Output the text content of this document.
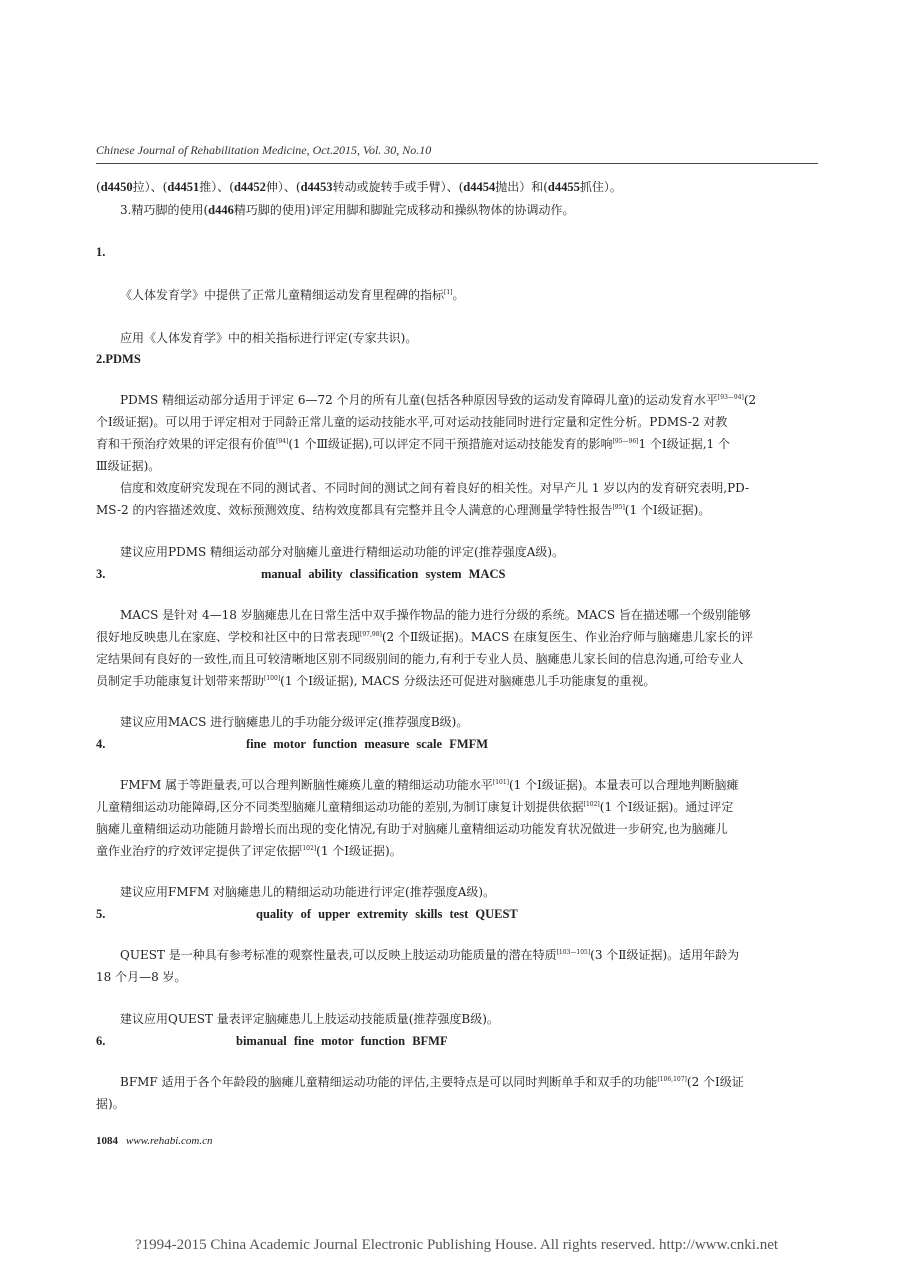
Chinese Journal of Rehabilitation Medicine, Oct.2015, Vol. 30, No.10
(d4450拉）、(d4451推）、(d4452伸）、(d4453转动或旋转手或手臂）、(d4454抛出）和(d4455抓住）。
3.精巧脚的使用(d446精巧脚的使用)评定用脚和脚趾完成移动和操纵物体的协调动作。
1.
《人体发育学》中提供了正常儿童精细运动发育里程碑的指标[1]。
应用《人体发育学》中的相关指标进行评定(专家共识)。
2.PDMS
PDMS 精细运动部分适用于评定 6—72 个月的所有儿童(包括各种原因导致的运动发育障碍儿童)的运动发育水平[93—94](2
个Ⅰ级证据)。可以用于评定相对于同龄正常儿童的运动技能水平,可对运动技能同时进行定量和定性分析。PDMS-2 对教
育和干预治疗效果的评定很有价值[94](1 个Ⅲ级证据),可以评定不同干预措施对运动技能发育的影响[95—96]1 个Ⅰ级证据,1 个
Ⅲ级证据)。
信度和效度研究发现在不同的测试者、不同时间的测试之间有着良好的相关性。对早产儿 1 岁以内的发育研究表明,PD-
MS-2 的内容描述效度、效标预测效度、结构效度都具有完整并且令人满意的心理测量学特性报告[95](1 个Ⅰ级证据)。
建议应用PDMS 精细运动部分对脑瘫儿童进行精细运动功能的评定(推荐强度A级)。
3.	manual ability classification system MACS
MACS 是针对 4—18 岁脑瘫患儿在日常生活中双手操作物品的能力进行分级的系统。MACS 旨在描述哪一个级别能够
很好地反映患儿在家庭、学校和社区中的日常表现[97,98](2 个Ⅱ级证据)。MACS 在康复医生、作业治疗师与脑瘫患儿家长的评
定结果间有良好的一致性,而且可较清晰地区别不同级别间的能力,有利于专业人员、脑瘫患儿家长间的信息沟通,可给专业人
员制定手功能康复计划带来帮助[100](1 个Ⅰ级证据), MACS 分级法还可促进对脑瘫患儿手功能康复的重视。
建议应用MACS 进行脑瘫患儿的手功能分级评定(推荐强度B级)。
4.	fine motor function measure scale FMFM
FMFM 属于等距量表,可以合理判断脑性瘫痪儿童的精细运动功能水平[101](1 个Ⅰ级证据)。本量表可以合理地判断脑瘫
儿童精细运动功能障碍,区分不同类型脑瘫儿童精细运动功能的差别,为制订康复计划提供依据[102](1 个Ⅰ级证据)。通过评定
脑瘫儿童精细运动功能随月龄增长而出现的变化情况,有助于对脑瘫儿童精细运动功能发育状况做进一步研究,也为脑瘫儿
童作业治疗的疗效评定提供了评定依据[102](1 个Ⅰ级证据)。
建议应用FMFM 对脑瘫患儿的精细运动功能进行评定(推荐强度A级)。
5.	quality of upper extremity skills test QUEST
QUEST 是一种具有参考标准的观察性量表,可以反映上肢运动功能质量的潜在特质[103—105](3 个Ⅱ级证据)。适用年龄为
18 个月—8 岁。
建议应用QUEST 量表评定脑瘫患儿上肢运动技能质量(推荐强度B级)。
6.	bimanual fine motor function BFMF
BFMF 适用于各个年龄段的脑瘫儿童精细运动功能的评估,主要特点是可以同时判断单手和双手的功能[106,107](2 个Ⅰ级证
据)。
1084 www.rehabi.com.cn
?1994-2015 China Academic Journal Electronic Publishing House. All rights reserved. http://www.cnki.net
